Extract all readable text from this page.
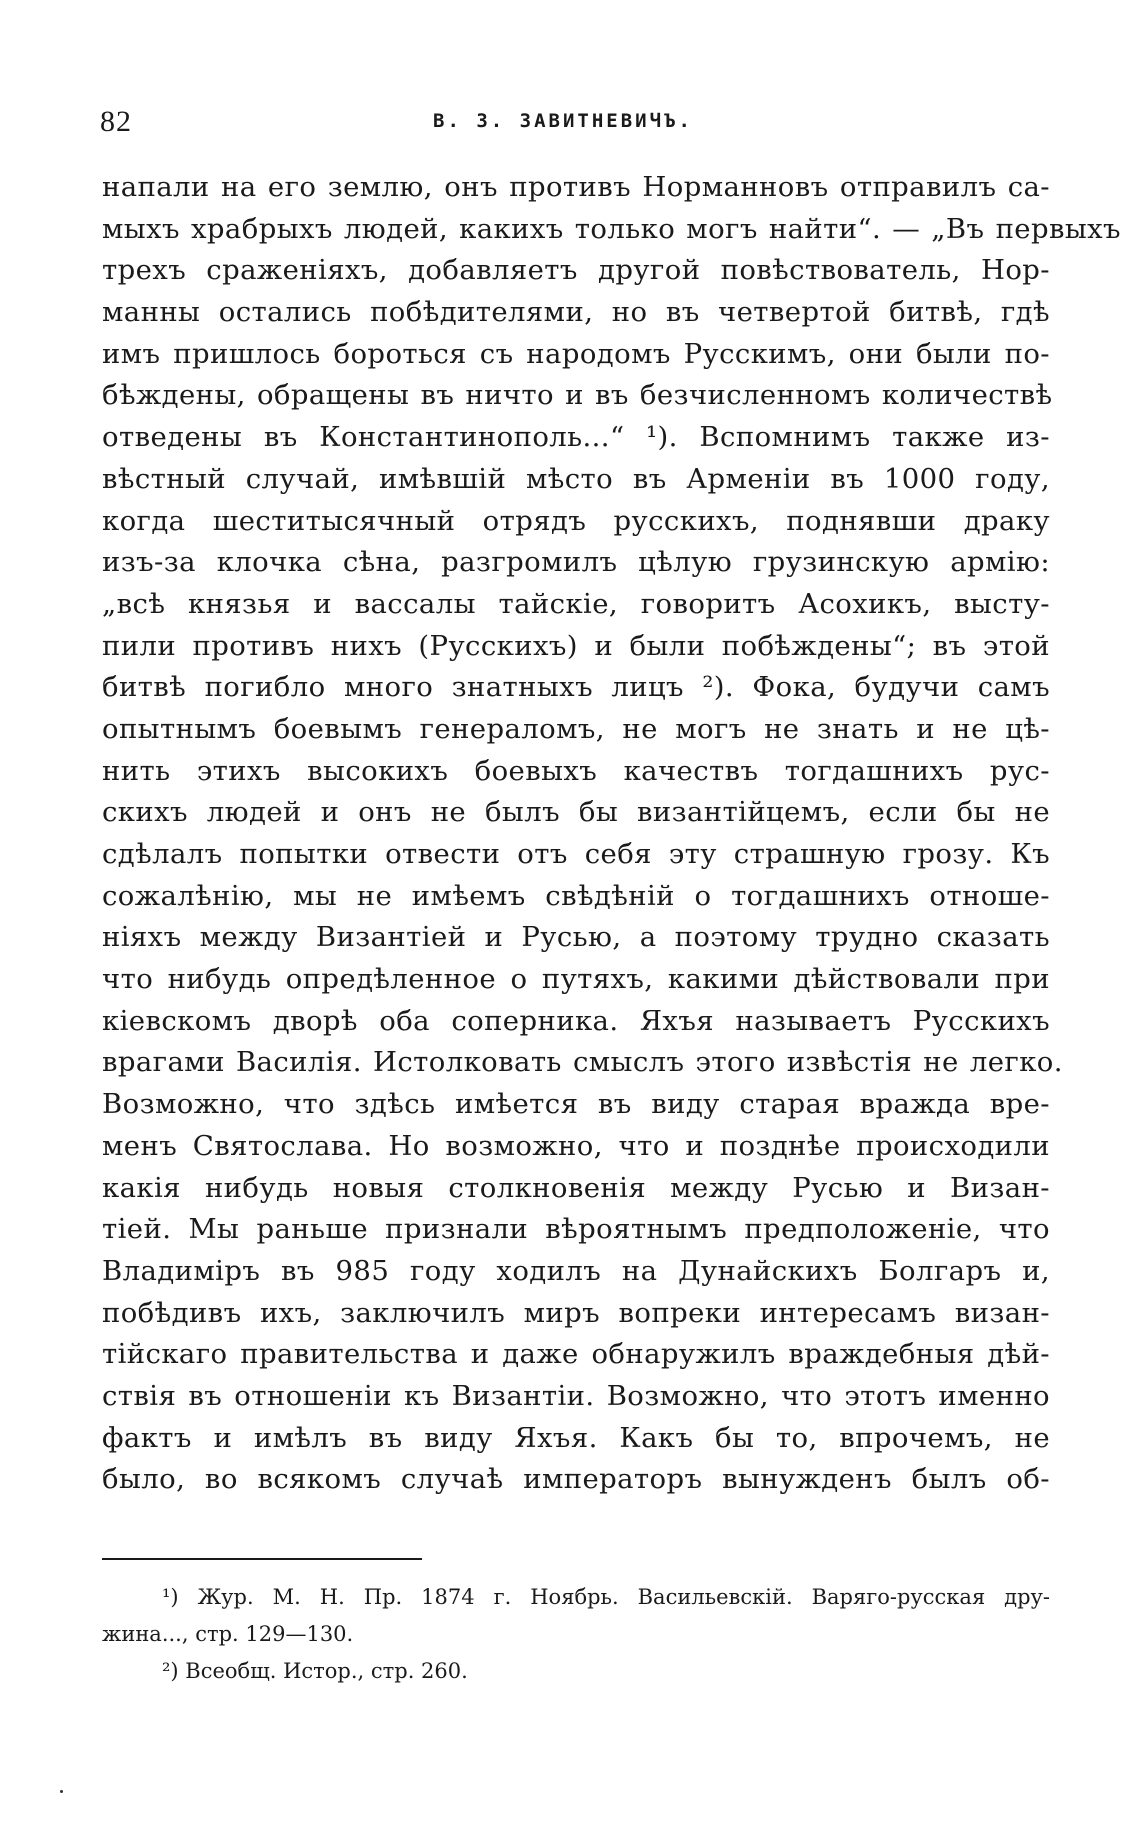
82	В. З. ЗАВИТНЕВИЧЪ.
напали на его землю, онъ противъ Норманновъ отправилъ са-
мыхъ храбрыхъ людей, какихъ только могъ найти“. — „Въ первыхъ
трехъ сраженіяхъ, добавляетъ другой повѣствователь, Нор-
манны остались побѣдителями, но въ четвертой битвѣ, гдѣ
имъ пришлось бороться съ народомъ Русскимъ, они были по-
бѣждены, обращены въ ничто и въ безчисленномъ количествѣ
отведены въ Константинополь...“ ¹). Вспомнимъ также из-
вѣстный случай, имѣвшій мѣсто въ Арменіи въ 1000 году,
когда шеститысячный отрядъ русскихъ, поднявши драку
изъ-за клочка сѣна, разгромилъ цѣлую грузинскую армію:
„всѣ князья и вассалы тайскіе, говоритъ Асохикъ, высту-
пили противъ нихъ (Русскихъ) и были побѣждены“; въ этой
битвѣ погибло много знатныхъ лицъ ²). Фока, будучи самъ
опытнымъ боевымъ генераломъ, не могъ не знать и не цѣ-
нить этихъ высокихъ боевыхъ качествъ тогдашнихъ рус-
скихъ людей и онъ не былъ бы византійцемъ, если бы не
сдѣлалъ попытки отвести отъ себя эту страшную грозу. Къ
сожалѣнію, мы не имѣемъ свѣдѣній о тогдашнихъ отноше-
ніяхъ между Византіей и Русью, а поэтому трудно сказать
что нибудь опредѣленное о путяхъ, какими дѣйствовали при
кіевскомъ дворѣ оба соперника. Яхъя называетъ Русскихъ
врагами Василія. Истолковать смыслъ этого извѣстія не легко.
Возможно, что здѣсь имѣется въ виду старая вражда вре-
менъ Святослава. Но возможно, что и позднѣе происходили
какія нибудь новыя столкновенія между Русью и Визан-
тіей. Мы раньше признали вѣроятнымъ предположеніе, что
Владиміръ въ 985 году ходилъ на Дунайскихъ Болгаръ и,
побѣдивъ ихъ, заключилъ миръ вопреки интересамъ визан-
тійскаго правительства и даже обнаружилъ враждебныя дѣй-
ствія въ отношеніи къ Византіи. Возможно, что этотъ именно
фактъ и имѣлъ въ виду Яхъя. Какъ бы то, впрочемъ, не
было, во всякомъ случаѣ императоръ вынужденъ былъ об-
¹) Жур. М. Н. Пр. 1874 г. Ноябрь. Васильевскій. Варяго-русская дру-
жина..., стр. 129—130.
²) Всеобщ. Истор., стр. 260.
